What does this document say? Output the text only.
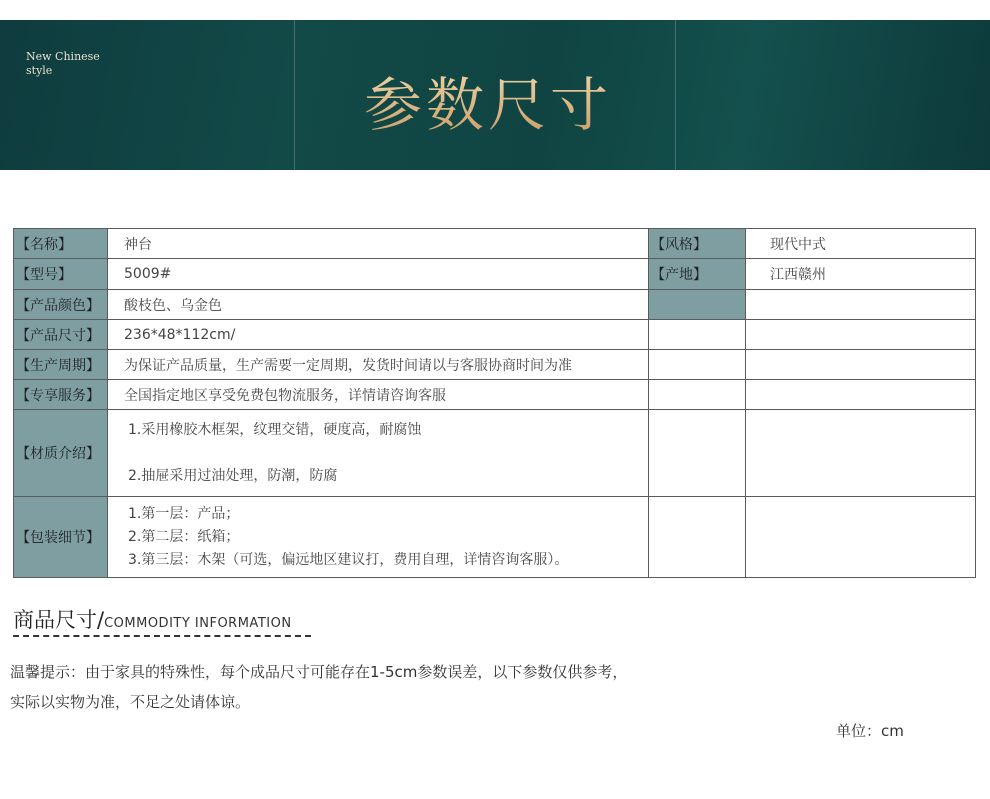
New Chinese
style
参数尺寸
【名称】	神台	【风格】	现代中式
【型号】	5009#	【产地】	江西赣州
【产品颜色】	酸枝色、乌金色		
【产品尺寸】	236*48*112cm/		
【生产周期】	为保证产品质量，生产需要一定周期，发货时间请以与客服协商时间为准		
【专享服务】	全国指定地区享受免费包物流服务，详情请咨询客服		
【材质介绍】	1.采用橡胶木框架，纹理交错，硬度高，耐腐蚀
2.抽屉采用过油处理，防潮，防腐		

【包装细节】	1.第一层：产品；
2.第二层：纸箱；
3.第三层：木架（可选，偏远地区建议打，费用自理，详情咨询客服）。		

商品尺寸/COMMODITY INFORMATION
温馨提示：由于家具的特殊性，每个成品尺寸可能存在1-5cm参数误差，以下参数仅供参考，
实际以实物为准，不足之处请体谅。
单位：cm
